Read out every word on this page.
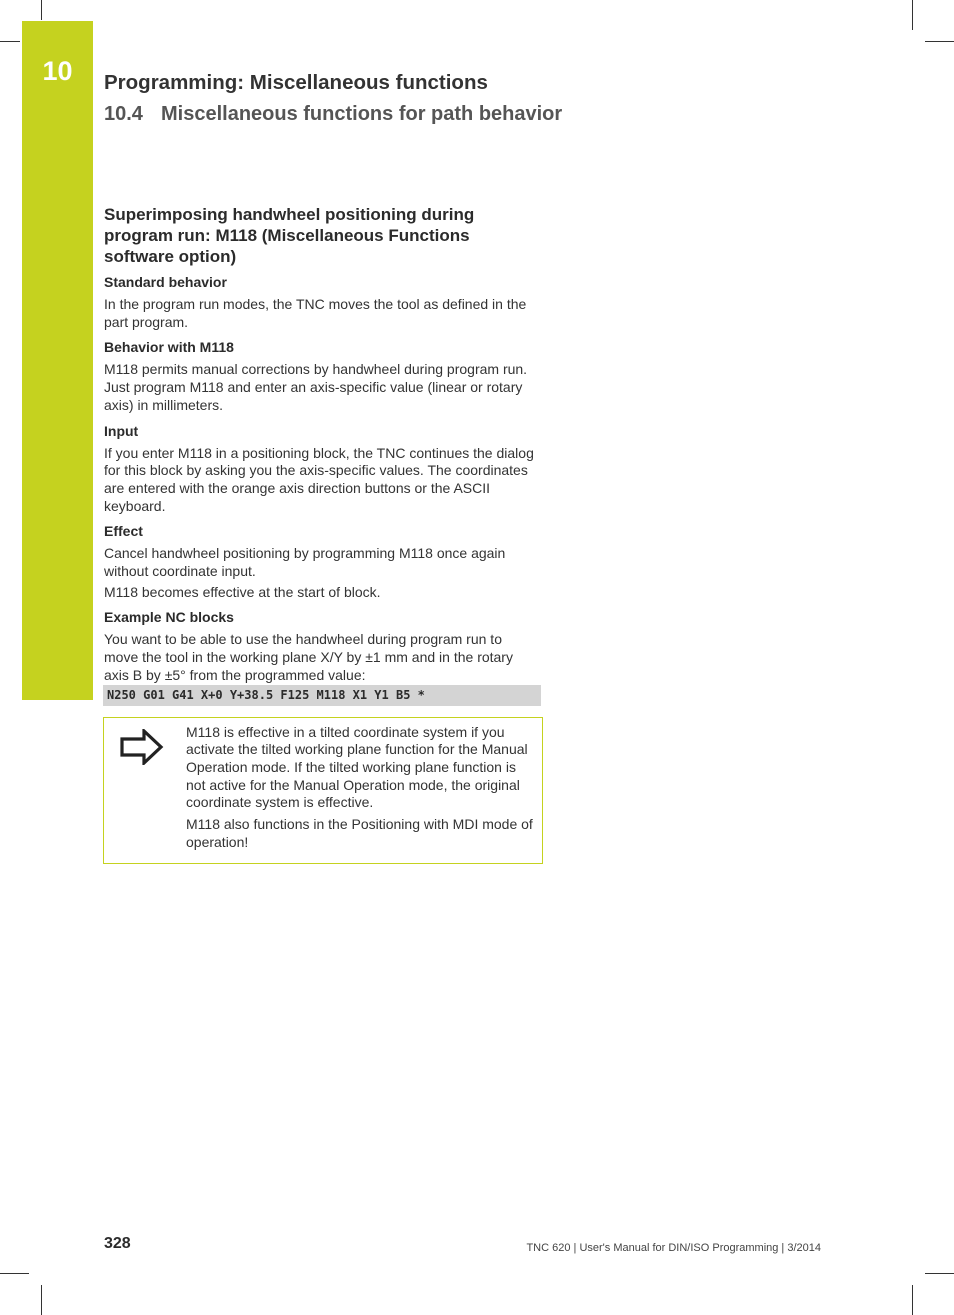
10	Programming: Miscellaneous functions
10.4 Miscellaneous functions for path behavior
Superimposing handwheel positioning during program run: M118 (Miscellaneous Functions software option)
Standard behavior
In the program run modes, the TNC moves the tool as defined in the part program.
Behavior with M118
M118 permits manual corrections by handwheel during program run. Just program M118 and enter an axis-specific value (linear or rotary axis) in millimeters.
Input
If you enter M118 in a positioning block, the TNC continues the dialog for this block by asking you the axis-specific values. The coordinates are entered with the orange axis direction buttons or the ASCII keyboard.
Effect
Cancel handwheel positioning by programming M118 once again without coordinate input.
M118 becomes effective at the start of block.
Example NC blocks
You want to be able to use the handwheel during program run to move the tool in the working plane X/Y by ±1 mm and in the rotary axis B by ±5° from the programmed value:
N250 G01 G41 X+0 Y+38.5 F125 M118 X1 Y1 B5 *
M118 is effective in a tilted coordinate system if you activate the tilted working plane function for the Manual Operation mode. If the tilted working plane function is not active for the Manual Operation mode, the original coordinate system is effective.
M118 also functions in the Positioning with MDI mode of operation!
328	TNC 620 | User's Manual for DIN/ISO Programming | 3/2014
